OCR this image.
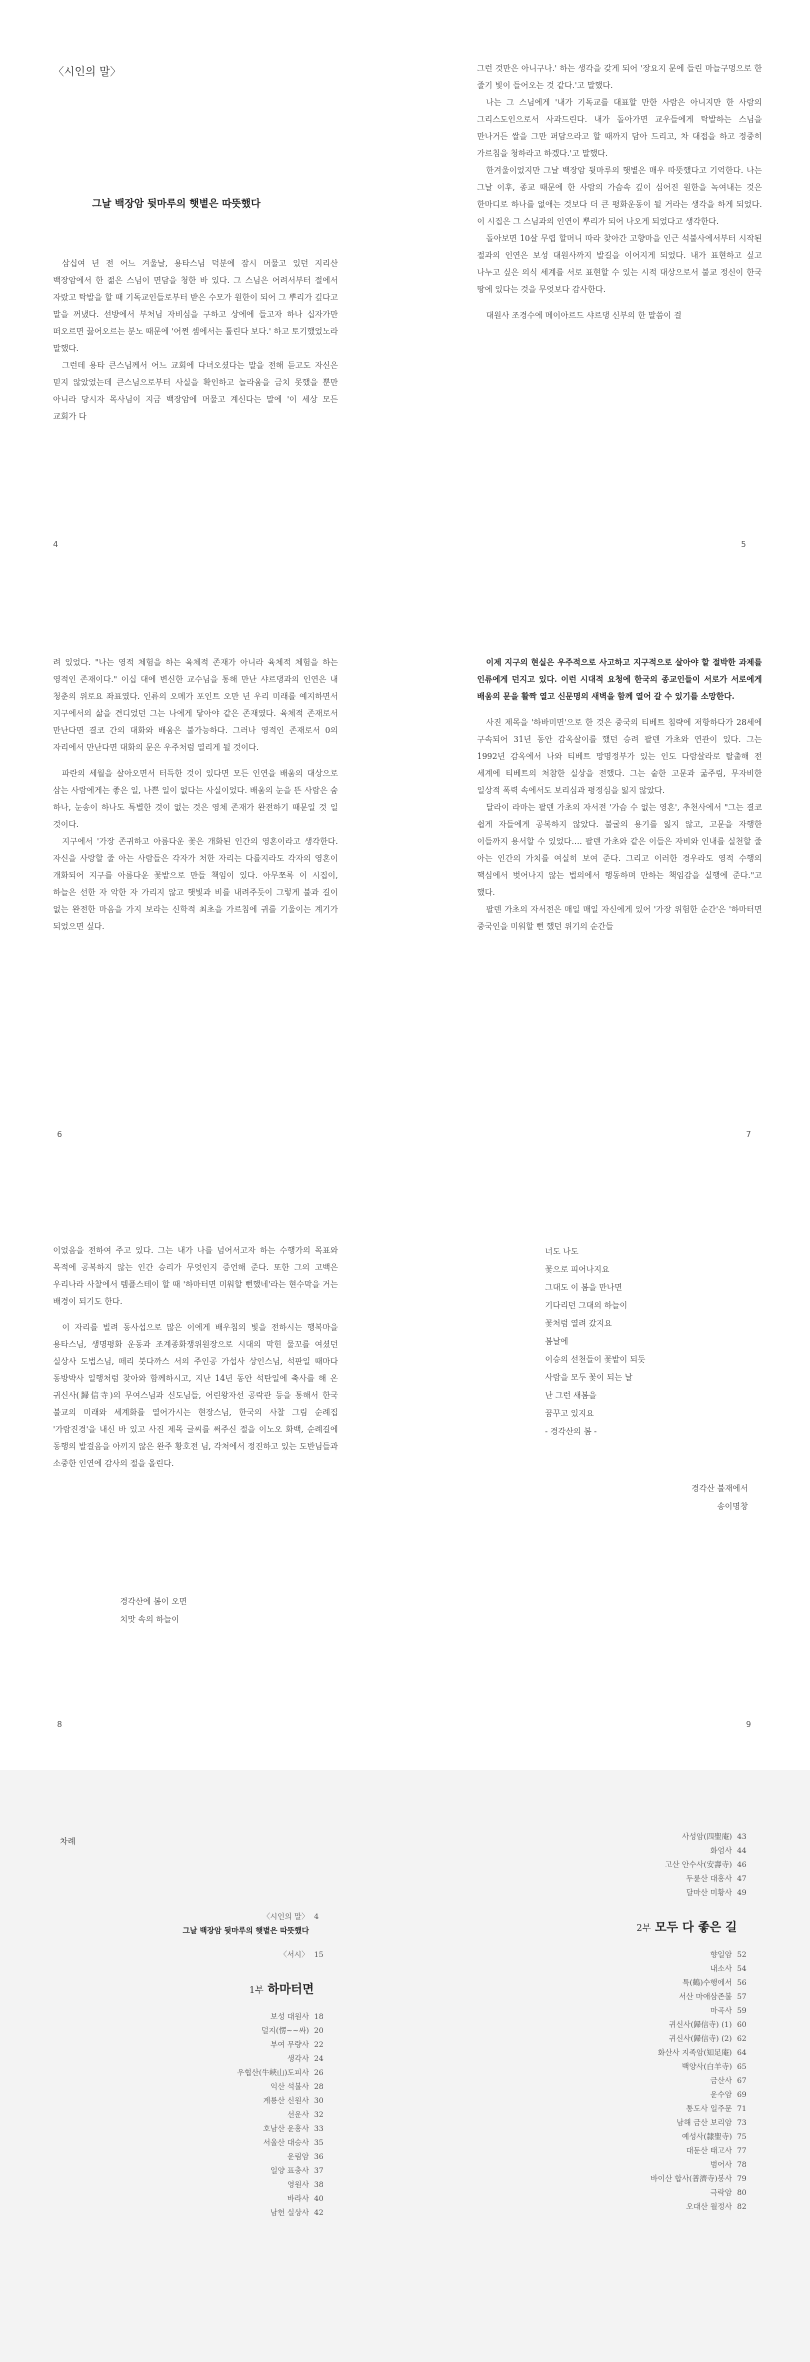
〈시인의 말〉
그날 백장암 뒷마루의 햇볕은 따뜻했다

삼십여 년 전 어느 겨울날, 용타스님 덕분에 잠시 머물고 있던 지리산 백장암에서 한 젊은 스님이 면담을 청한 바 있다. 그 스님은 어려서부터 절에서 자랐고 탁발을 할 때 기독교인들로부터 받은 수모가 원한이 되어 그 뿌리가 깊다고 말을 꺼냈다. 선방에서 부처님 자비심을 구하고 상에에 들고자 하나 십자가만 떠오르면 끓어오르는 분노 때문에 '어쩐 셈에서는 툴린다 보다.' 하고 토기했었노라 말했다.

그런데 용타 큰스님께서 어느 교회에 다녀오셨다는 말을 전해 듣고도 자신은 믿지 않았었는데 큰스님으로부터 사실을 확인하고 놀라움을 금치 못했을 뿐만 아니라 당시자 목사님이 지금 백장암에 머물고 계신다는 말에 '이 세상 모든 교회가 다

4

그런 것만은 아니구나.' 하는 생각을 갖게 되어 '장요지 문에 들린 마늘구멍으로 한 줄기 빛이 들어오는 것 같다.'고 말했다.

나는 그 스님에게 '내가 기독교를 대표할 만한 사람은 아니지만 한 사람의 그리스도인으로서 사과드린다. 내가 돌아가면 교우들에게 탁발하는 스님을 만나거든 쌀을 그만 퍼담으라고 할 때까지 담아 드리고, 차 대접을 하고 정중히 가르침을 청하라고 하겠다.'고 말했다.

한겨울이었지만 그날 백장암 뒷마루의 햇볕은 매우 따뜻했다고 기억한다. 나는 그날 이후, 종교 때문에 한 사람의 가슴속 깊이 심어진 원한을 녹여내는 것은 한마디로 하나를 없애는 것보다 더 큰 평화운동이 될 거라는 생각을 하게 되었다. 이 시집은 그 스님과의 인연이 뿌리가 되어 나오게 되었다고 생각한다.

돌아보면 10살 무렵 할머니 따라 찾아간 고향마을 인근 석불사에서부터 시작된 절과의 인연은 보성 대원사까지 발길을 이어지게 되었다. 내가 표현하고 싶고 나누고 싶은 의식 세계를 서로 표현할 수 있는 시적 대상으로서 불교 정신이 한국 땅에 있다는 것을 무엇보다 감사한다.

대원사 조경수에 메이아르드 샤르댕 신부의 한 말씀이 걸

5

려 있었다. "나는 영적 체험을 하는 육체적 존재가 아니라 육체적 체험을 하는 영적인 존재이다." 이십 대에 변신한 교수님을 통해 만난 샤르댕과의 인연은 내 청춘의 위로요 좌표였다. 인류의 오메가 포인트 오만 년 우리 미래를 예지하면서 지구에서의 삶을 견디었던 그는 나에게 닿아야 같은 존재였다. 육체적 존재로서 만난다면 결코 간의 대화와 배움은 불가능하다. 그러나 영적인 존재로서 0의 자리에서 만난다면 대화의 문은 우주처럼 열리게 될 것이다.

파란의 세월을 살아오면서 터득한 것이 있다면 모든 인연을 배움의 대상으로 삼는 사람에게는 좋은 일, 나쁜 일이 없다는 사실이었다. 배움의 눈을 뜬 사람은 숨 하나, 눈송이 하나도 특별한 것이 없는 것은 영체 존재가 완전하기 때문일 것 일 것이다.

지구에서 '가장 존귀하고 아름다운 꽃은 개화된 인간의 영혼이라고 생각한다. 자신을 사랑할 줄 아는 사람들은 각자가 처한 자리는 다를지라도 각자의 영혼이 개화되어 지구를 아름다운 꽃밭으로 만들 책임이 있다. 아무쪼록 이 시집이, 하늘은 선한 자 악한 자 가리지 않고 햇빛과 비를 내려주듯이 그렇게 불과 길이 없는 완전한 마음을 가지 보라는 신학적 최초을 가르침에 귀를 기울이는 계기가 되었으면 싶다.

6

이제 지구의 현실은 우주적으로 사고하고 지구적으로 살아야 할 절박한 과제를 인류에게 던지고 있다. 이런 시대적 요청에 한국의 종교인들이 서로가 서로에게 배움의 문을 활짝 열고 신문명의 새벽을 함께 열어 갈 수 있기를 소망한다.

사진 제목을 '하바미면'으로 한 것은 중국의 티베트 침략에 저항하다가 28세에 구속되어 31년 동안 감옥살이를 했던 승려 팔덴 가초와 연관이 있다. 그는 1992년 감옥에서 나와 티베트 망명정부가 있는 인도 다람살라로 탈출해 전 세계에 티베트의 처참한 실상을 전했다. 그는 숱한 고문과 굶주림, 무자비한 일상적 폭력 속에서도 보리심과 평정심을 잃지 않았다.

달라이 라마는 팔덴 가초의 자서전 '가슴 수 없는 영혼', 추천사에서 "그는 결코 쉽게 자들에게 공복하지 않았다. 불굴의 용기를 잃지 않고, 고문을 자행한 이들까지 용서할 수 있었다…. 팔덴 가초와 같은 이들은 자비와 인내를 실천할 줄 아는 인간의 가치를 여실히 보여 준다. 그리고 이러한 경우라도 영적 수행의 핵심에서 벗어나지 않는 법의에서 행동하며 만하는 책임감을 실행에 준다."고 했다.

팔덴 가초의 자서전은 매일 매일 자신에게 있어 '가장 위험한 순간'은 '하마터면 중국인을 미워할 뻔 했던 위기의 순간들

7

이었음을 전하여 주고 있다. 그는 내가 나를 넘어서고자 하는 수행가의 목표와 목적에 공복하지 않는 인간 승리가 무엇인지 증언해 준다. 또한 그의 고백은 우리나라 사찰에서 템플스테이 할 때 '하마터면 미워할 뻔했네'라는 현수막을 거는 배경이 되기도 한다.

이 자리를 빌려 동사섭으로 많은 이에게 배우침의 빛을 전하시는 행복마을 용타스님, 생명평화 운동과 조계종화쟁위원장으로 시대의 막힌 물꼬를 여셨던 실상사 도법스님, 떼리 붓다까스 서의 주인공 가섭사 상인스님, 석판일 때마다 동방박사 일행처럼 찾아와 함께하시고, 지난 14년 동안 석탄일에 축사를 해 온 귀신사(歸信寺)의 무여스님과 신도님들, 어린왕자선 공락관 등을 통해서 한국 불교의 미래와 세계화를 열어가시는 현장스님, 한국의 사찰 그림 순례집 '가람진경'을 내신 바 있고 사진 제목 글씨를 써주신 절을 이노오 화백, 순례길에 동행의 발걸음을 아끼지 않은 완주 황호전 님, 각처에서 정진하고 있는 도반님들과 소중한 인연에 감사의 절을 올린다.

경각산에 봄이 오면

치맛 속의 하늘이

8

너도 나도

꽃으로 피어나지요

그대도 이 봄을 만나면

기다리던 그대의 하늘이

꽃처럼 열려 갔지요

봄날에

이승의 선천들이 꽃밭이 되듯

사람을 모두 꽃이 되는 날

난 그런 새봄을

꿈꾸고 있지요

- 경각산의 봄 -

경각산 불재에서

송이명창

9
차례
〈시인의 말〉 4
그날 백장암 뒷마루의 햇볕은 따뜻했다
〈서시〉 15
1부 하마터면
보성 대원사 18
덜지(愣~~싸) 20
부여 무량사 22
생각사 24
우협산(牛峽山)도피사 26
익산 석불사 28
계룡산 신원사 30
선운사 32
호남산 운흥사 33
서울산 대승사 35
운림암 36
일양 표충사 37
영원사 38
바라사 40
남헌 실상사 42
사성암(四聖庵) 43
화엄사 44
고산 안수사(安壽寺) 46
두륜산 대흥사 47
달마산 미황사 49
2부 모두 다 좋은 길
향일암 52
내소사 54
특(鶴)수행에서 56
서산 마애삼존불 57
마곡사 59
귀신사(歸信寺) (1) 60
귀신사(歸信寺) (2) 62
화산사 지족암(知足庵) 64
백양사(白羊寺) 65
금산사 67
운수암 69
통도사 일주문 71
남해 금산 보리암 73
예성사(隸聖寺) 75
대둔산 태고사 77
범어사 78
바이산 합사(普濟寺)봉사 79
극락암 80
오대산 월정사 82
